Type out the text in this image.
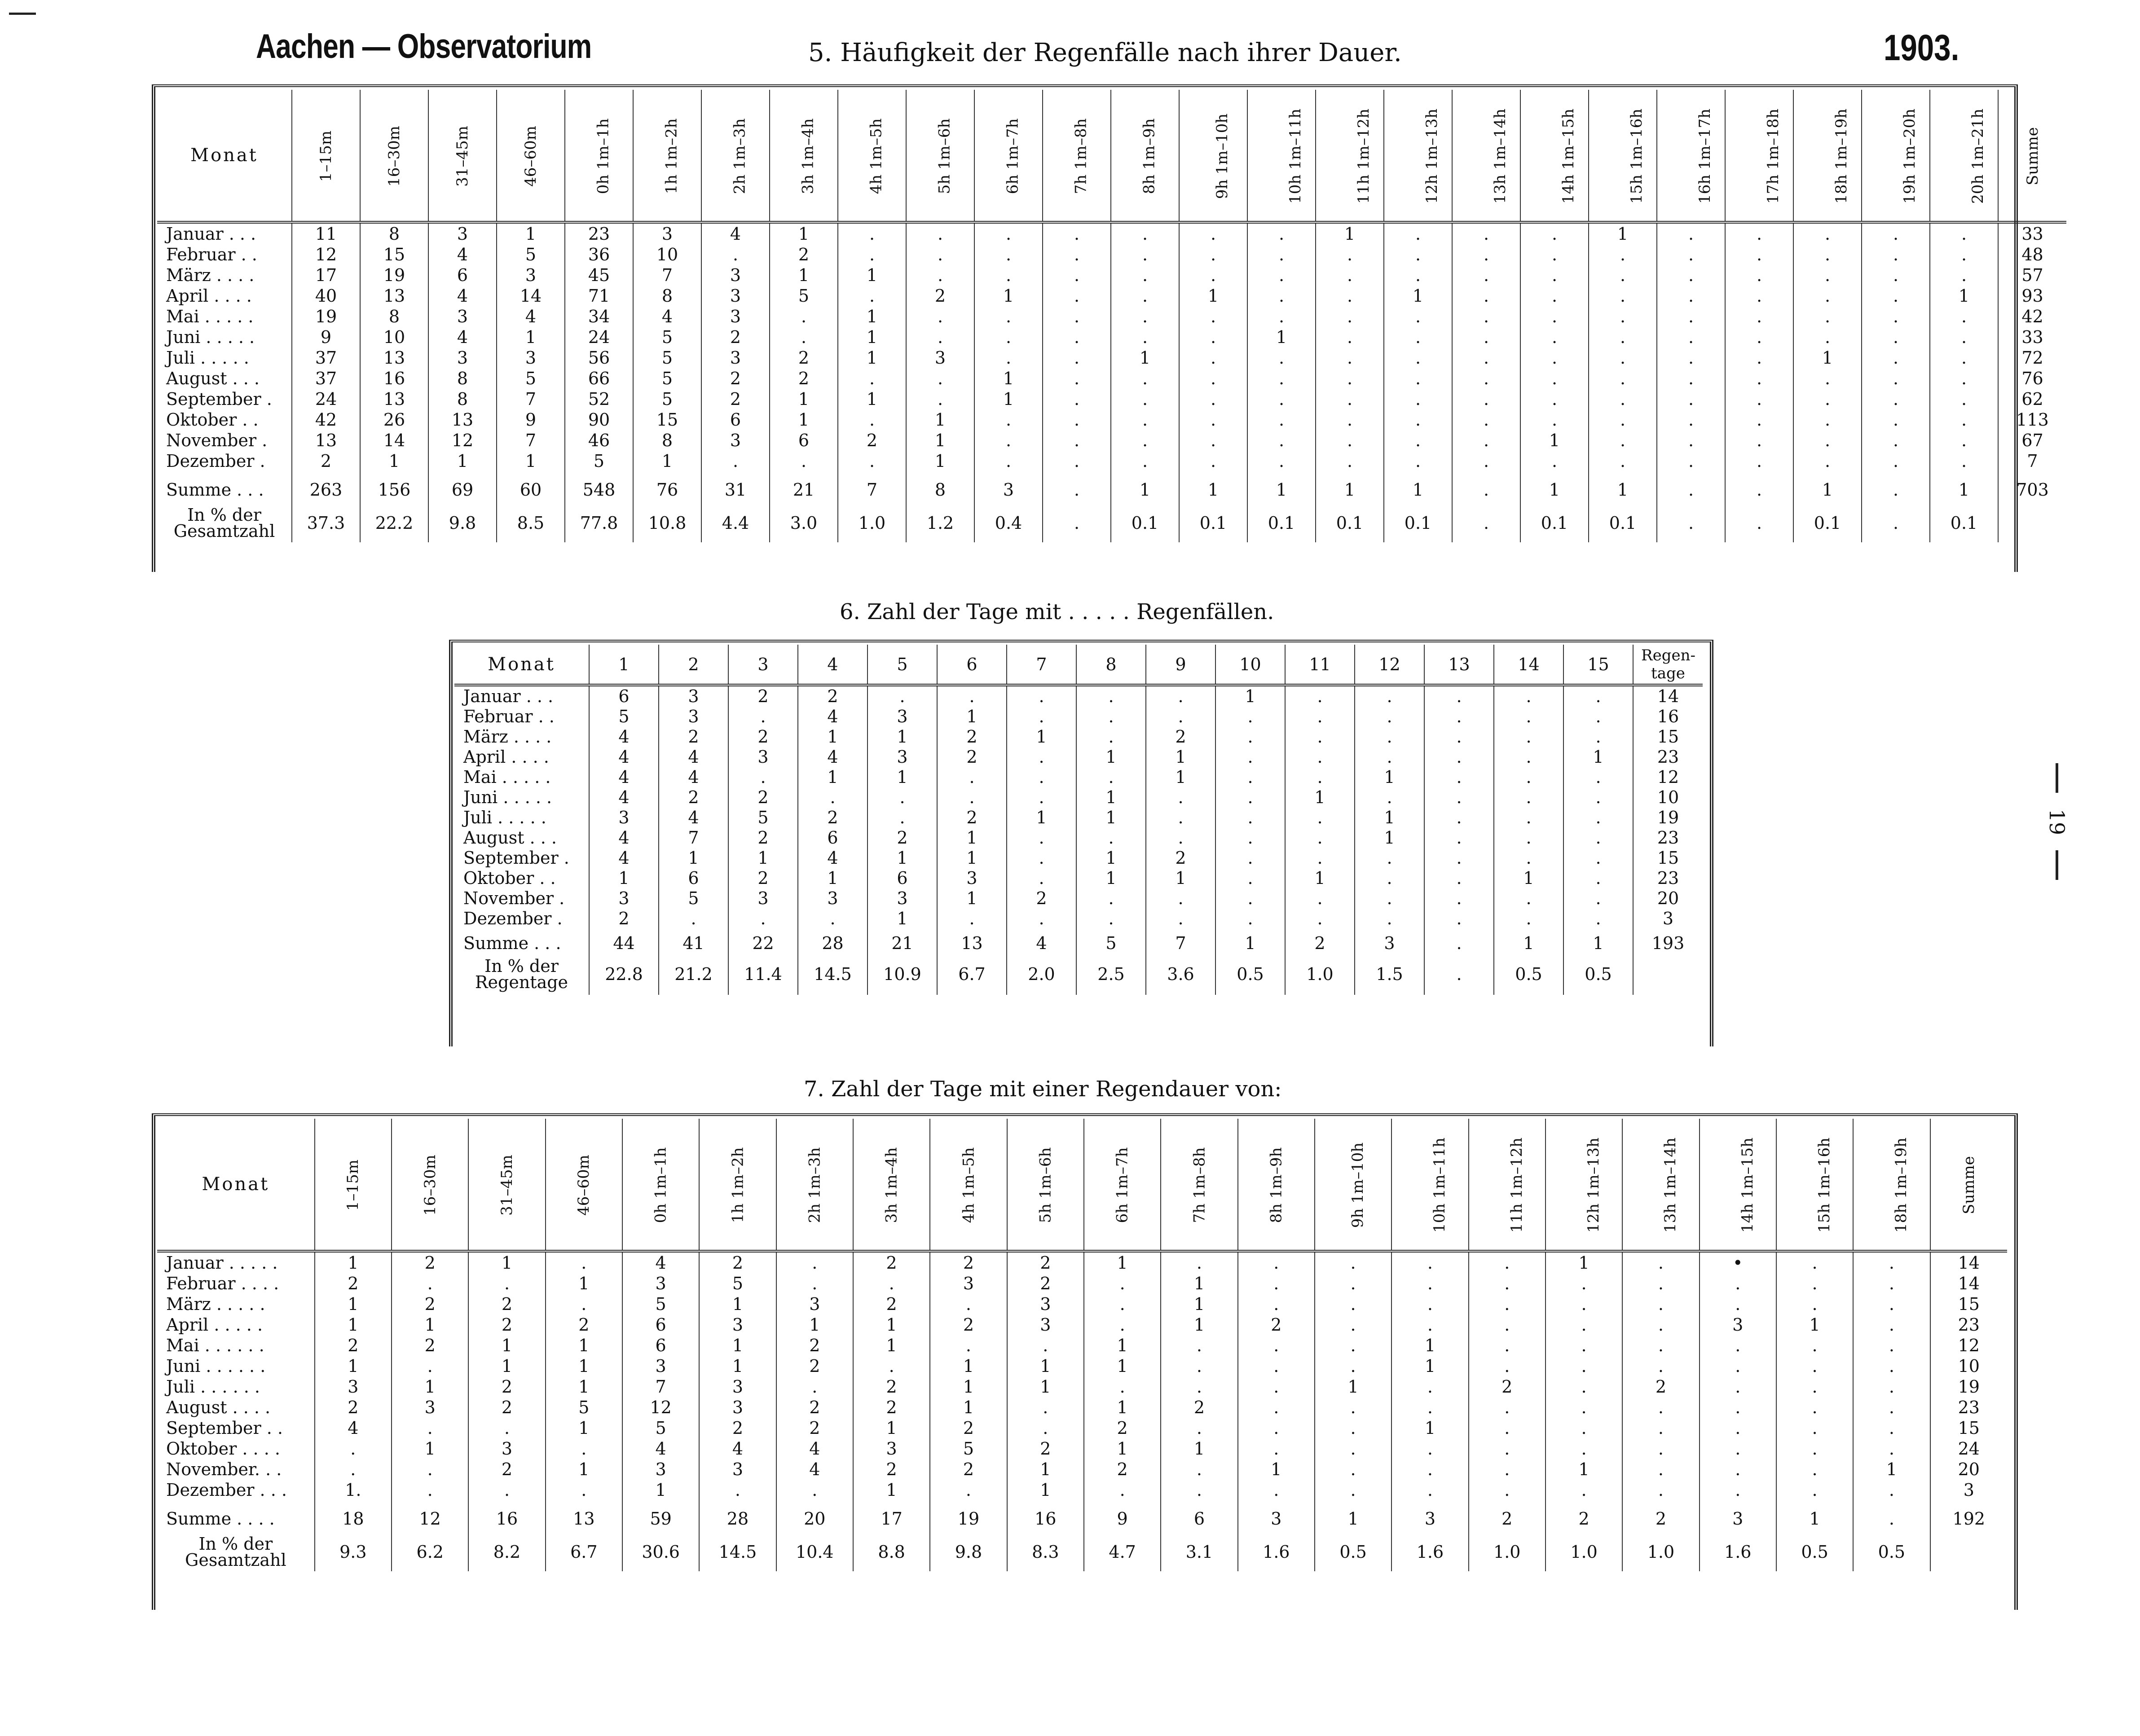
Aachen — Observatorium	5. Häufigkeit der Regenfälle nach ihrer Dauer.	1903.
19
Monat	1–15m	16–30m	31–45m	46–60m	0h 1m–1h	1h 1m–2h	2h 1m–3h	3h 1m–4h	4h 1m–5h	5h 1m–6h	6h 1m–7h	7h 1m–8h	8h 1m–9h	9h 1m–10h	10h 1m–11h	11h 1m–12h	12h 1m–13h	13h 1m–14h	14h 1m–15h	15h 1m–16h	16h 1m–17h	17h 1m–18h	18h 1m–19h	19h 1m–20h	20h 1m–21h	Summe
Januar . . .	11	8	3	1	23	3	4	1	.	.	.	.	.	.	.	1	.	.	.	1	.	.	.	.	.	33
Februar . .	12	15	4	5	36	10	.	2	.	.	.	.	.	.	.	.	.	.	.	.	.	.	.	.	.	48
März . . . .	17	19	6	3	45	7	3	1	1	.	.	.	.	.	.	.	.	.	.	.	.	.	.	.	.	57
April . . . .	40	13	4	14	71	8	3	5	.	2	1	.	.	1	.	.	1	.	.	.	.	.	.	.	1	93
Mai . . . . .	19	8	3	4	34	4	3	.	1	.	.	.	.	.	.	.	.	.	.	.	.	.	.	.	.	42
Juni . . . . .	9	10	4	1	24	5	2	.	1	.	.	.	.	.	1	.	.	.	.	.	.	.	.	.	.	33
Juli . . . . .	37	13	3	3	56	5	3	2	1	3	.	.	1	.	.	.	.	.	.	.	.	.	1	.	.	72
August . . .	37	16	8	5	66	5	2	2	.	.	1	.	.	.	.	.	.	.	.	.	.	.	.	.	.	76
September .	24	13	8	7	52	5	2	1	1	.	1	.	.	.	.	.	.	.	.	.	.	.	.	.	.	62
Oktober . .	42	26	13	9	90	15	6	1	.	1	.	.	.	.	.	.	.	.	.	.	.	.	.	.	.	113
November .	13	14	12	7	46	8	3	6	2	1	.	.	.	.	.	.	.	.	1	.	.	.	.	.	.	67
Dezember .	2	1	1	1	5	1	.	.	.	1	.	.	.	.	.	.	.	.	.	.	.	.	.	.	.	7
Summe . . .	263	156	69	60	548	76	31	21	7	8	3	.	1	1	1	1	1	.	1	1	.	.	1	.	1	703

In % der
Gesamtzahl	37.3	22.2	9.8	8.5	77.8	10.8	4.4	3.0	1.0	1.2	0.4	.	0.1	0.1	0.1	0.1	0.1	.	0.1	0.1	.	.	0.1	.	0.1	
6. Zahl der Tage mit . . . . . Regenfällen.
Monat	1	2	3	4	5	6	7	8	9	10	11	12	13	14	15	Regen-tage
Januar . . .	6	3	2	2	.	.	.	.	.	1	.	.	.	.	.	14
Februar . .	5	3	.	4	3	1	.	.	.	.	.	.	.	.	.	16
März . . . .	4	2	2	1	1	2	1	.	2	.	.	.	.	.	.	15
April . . . .	4	4	3	4	3	2	.	1	1	.	.	.	.	.	1	23
Mai . . . . .	4	4	.	1	1	.	.	.	1	.	.	1	.	.	.	12
Juni . . . . .	4	2	2	.	.	.	.	1	.	.	1	.	.	.	.	10
Juli . . . . .	3	4	5	2	.	2	1	1	.	.	.	1	.	.	.	19
August . . .	4	7	2	6	2	1	.	.	.	.	.	1	.	.	.	23
September .	4	1	1	4	1	1	.	1	2	.	.	.	.	.	.	15
Oktober . .	1	6	2	1	6	3	.	1	1	.	1	.	.	1	.	23
November .	3	5	3	3	3	1	2	.	.	.	.	.	.	.	.	20
Dezember .	2	.	.	.	1	.	.	.	.	.	.	.	.	.	.	3
Summe . . .	44	41	22	28	21	13	4	5	7	1	2	3	.	1	1	193

In % der
Regentage	22.8	21.2	11.4	14.5	10.9	6.7	2.0	2.5	3.6	0.5	1.0	1.5	.	0.5	0.5	
7. Zahl der Tage mit einer Regendauer von:
Monat	1–15m	16–30m	31–45m	46–60m	0h 1m–1h	1h 1m–2h	2h 1m–3h	3h 1m–4h	4h 1m–5h	5h 1m–6h	6h 1m–7h	7h 1m–8h	8h 1m–9h	9h 1m–10h	10h 1m–11h	11h 1m–12h	12h 1m–13h	13h 1m–14h	14h 1m–15h	15h 1m–16h	18h 1m–19h	Summe
Januar . . . . .	1	2	1	.	4	2	.	2	2	2	1	.	.	.	.	.	1	.	•	.	.	14
Februar . . . .	2	.	.	1	3	5	.	.	3	2	.	1	.	.	.	.	.	.	.	.	.	14
März . . . . .	1	2	2	.	5	1	3	2	.	3	.	1	.	.	.	.	.	.	.	.	.	15
April . . . . .	1	1	2	2	6	3	1	1	2	3	.	1	2	.	.	.	.	.	3	1	.	23
Mai . . . . . .	2	2	1	1	6	1	2	1	.	.	1	.	.	.	1	.	.	.	.	.	.	12
Juni . . . . . .	1	.	1	1	3	1	2	.	1	1	1	.	.	.	1	.	.	.	.	.	.	10
Juli . . . . . .	3	1	2	1	7	3	.	2	1	1	.	.	.	1	.	2	.	2	.	.	.	19
August . . . .	2	3	2	5	12	3	2	2	1	.	1	2	.	.	.	.	.	.	.	.	.	23
September . .	4	.	.	1	5	2	2	1	2	.	2	.	.	.	1	.	.	.	.	.	.	15
Oktober . . . .	.	1	3	.	4	4	4	3	5	2	1	1	.	.	.	.	.	.	.	.	.	24
November. . .	.	.	2	1	3	3	4	2	2	1	2	.	1	.	.	.	1	.	.	.	1	20
Dezember . . .	1.	.	.	.	1	.	.	1	.	1	.	.	.	.	.	.	.	.	.	.	.	3
Summe . . . .	18	12	16	13	59	28	20	17	19	16	9	6	3	1	3	2	2	2	3	1	.	192

In % der
Gesamtzahl	9.3	6.2	8.2	6.7	30.6	14.5	10.4	8.8	9.8	8.3	4.7	3.1	1.6	0.5	1.6	1.0	1.0	1.0	1.6	0.5	0.5	
